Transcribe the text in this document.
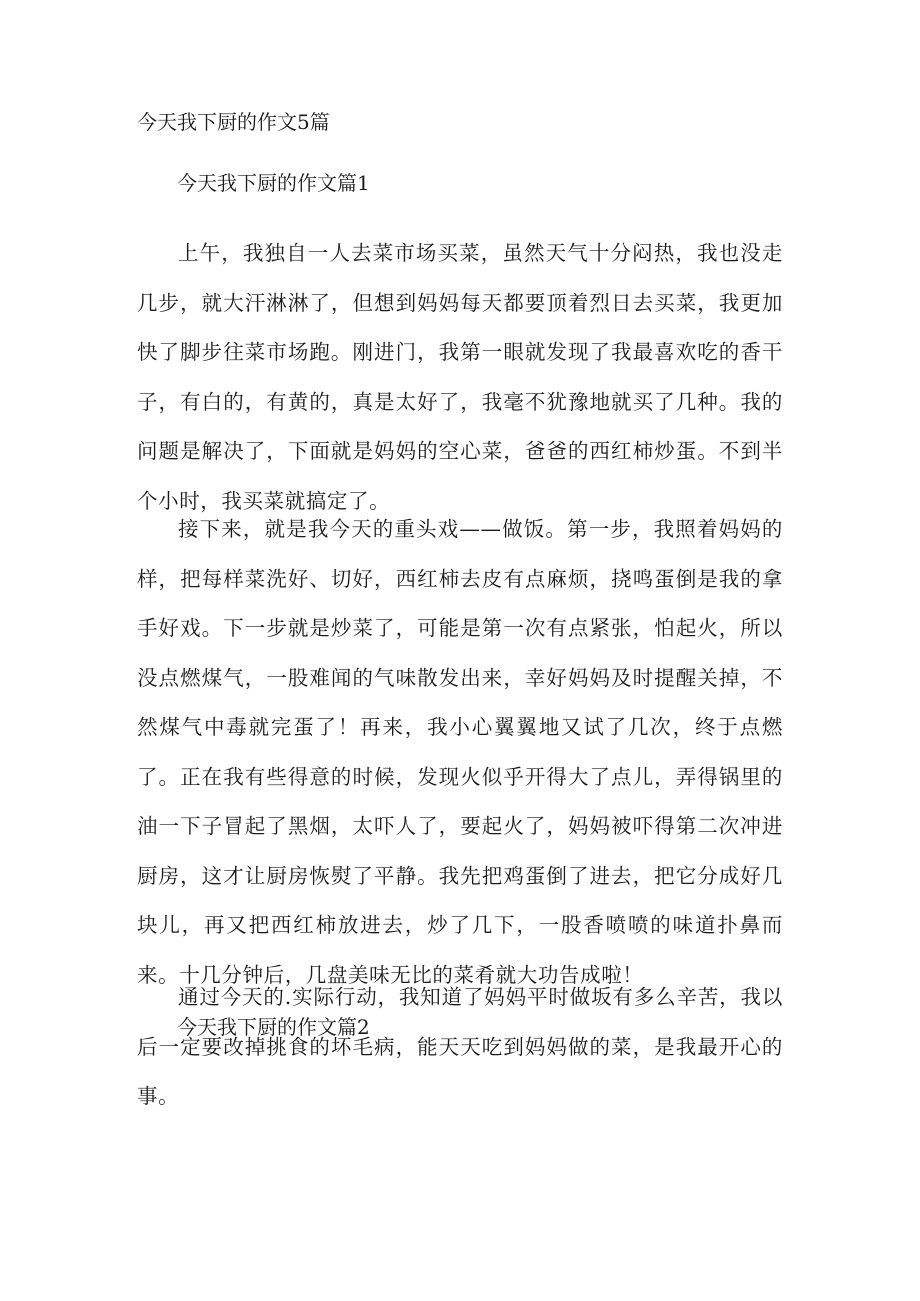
今天我下厨的作文5篇
今天我下厨的作文篇1

上午，我独自一人去菜市场买菜，虽然天气十分闷热，我也没走几步，就大汗淋淋了，但想到妈妈每天都要顶着烈日去买菜，我更加快了脚步往菜市场跑。刚进门，我第一眼就发现了我最喜欢吃的香干子，有白的，有黄的，真是太好了，我毫不犹豫地就买了几种。我的问题是解决了，下面就是妈妈的空心菜，爸爸的西红柿炒蛋。不到半个小时，我买菜就搞定了。

接下来，就是我今天的重头戏——做饭。第一步，我照着妈妈的样，把每样菜洗好、切好，西红柿去皮有点麻烦，挠鸣蛋倒是我的拿手好戏。下一步就是炒菜了，可能是第一次有点紧张，怕起火，所以没点燃煤气，一股难闻的气味散发出来，幸好妈妈及时提醒关掉，不然煤气中毒就完蛋了！再来，我小心翼翼地又试了几次，终于点燃了。正在我有些得意的时候，发现火似乎开得大了点儿，弄得锅里的油一下子冒起了黑烟，太吓人了，要起火了，妈妈被吓得第二次冲进厨房，这才让厨房恢熨了平静。我先把鸡蛋倒了进去，把它分成好几块儿，再又把西红柿放进去，炒了几下，一股香喷喷的味道扑鼻而来。十几分钟后，几盘美味无比的菜肴就大功告成啦！

通过今天的.实际行动，我知道了妈妈平时做坂有多么辛苦，我以后一定要改掉挑食的坏毛病，能天天吃到妈妈做的菜，是我最开心的事。

今天我下厨的作文篇2
